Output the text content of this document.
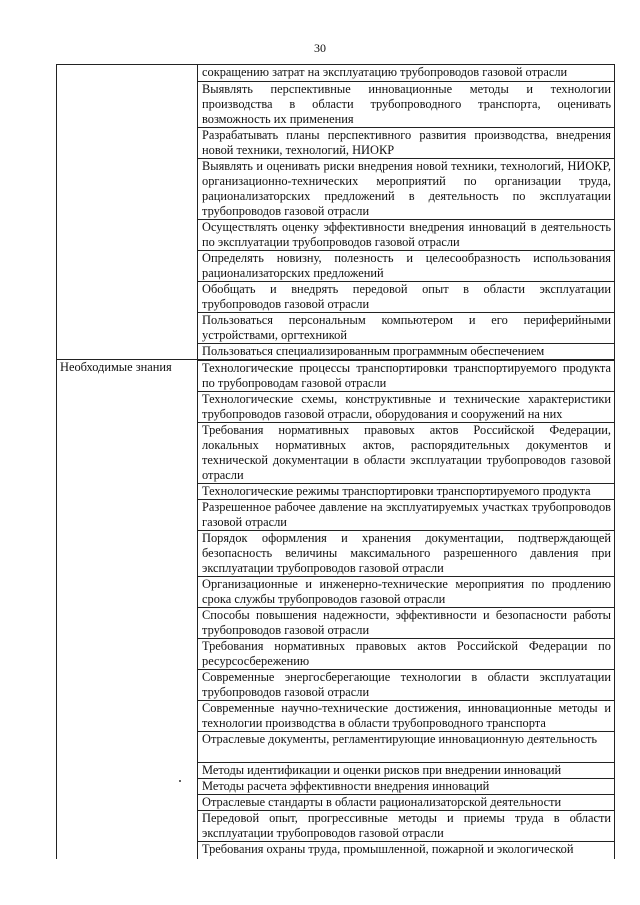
30
сокращению затрат на эксплуатацию трубопроводов газовой отрасли
Выявлять перспективные инновационные методы и технологии производства в области трубопроводного транспорта, оценивать возможность их применения
Разрабатывать планы перспективного развития производства, внедрения новой техники, технологий, НИОКР
Выявлять и оценивать риски внедрения новой техники, технологий, НИОКР, организационно-технических мероприятий по организации труда, рационализаторских предложений в деятельность по эксплуатации трубопроводов газовой отрасли
Осуществлять оценку эффективности внедрения инноваций в деятельность по эксплуатации трубопроводов газовой отрасли
Определять новизну, полезность и целесообразность использования рационализаторских предложений
Обобщать и внедрять передовой опыт в области эксплуатации трубопроводов газовой отрасли
Пользоваться персональным компьютером и его периферийными устройствами, оргтехникой
Пользоваться специализированным программным обеспечением
Необходимые знания	Технологические процессы транспортировки транспортируемого продукта по трубопроводам газовой отрасли
Технологические схемы, конструктивные и технические характеристики трубопроводов газовой отрасли, оборудования и сооружений на них
Требования нормативных правовых актов Российской Федерации, локальных нормативных актов, распорядительных документов и технической документации в области эксплуатации трубопроводов газовой отрасли
Технологические режимы транспортировки транспортируемого продукта
Разрешенное рабочее давление на эксплуатируемых участках трубопроводов газовой отрасли
Порядок оформления и хранения документации, подтверждающей безопасность величины максимального разрешенного давления при эксплуатации трубопроводов газовой отрасли
Организационные и инженерно-технические мероприятия по продлению срока службы трубопроводов газовой отрасли
Способы повышения надежности, эффективности и безопасности работы трубопроводов газовой отрасли
Требования нормативных правовых актов Российской Федерации по ресурсосбережению
Современные энергосберегающие технологии в области эксплуатации трубопроводов газовой отрасли
Современные научно-технические достижения, инновационные методы и технологии производства в области трубопроводного транспорта
Отраслевые документы, регламентирующие инновационную деятельность
Методы идентификации и оценки рисков при внедрении инноваций
Методы расчета эффективности внедрения инноваций
Отраслевые стандарты в области рационализаторской деятельности
Передовой опыт, прогрессивные методы и приемы труда в области эксплуатации трубопроводов газовой отрасли
Требования охраны труда, промышленной, пожарной и экологической
